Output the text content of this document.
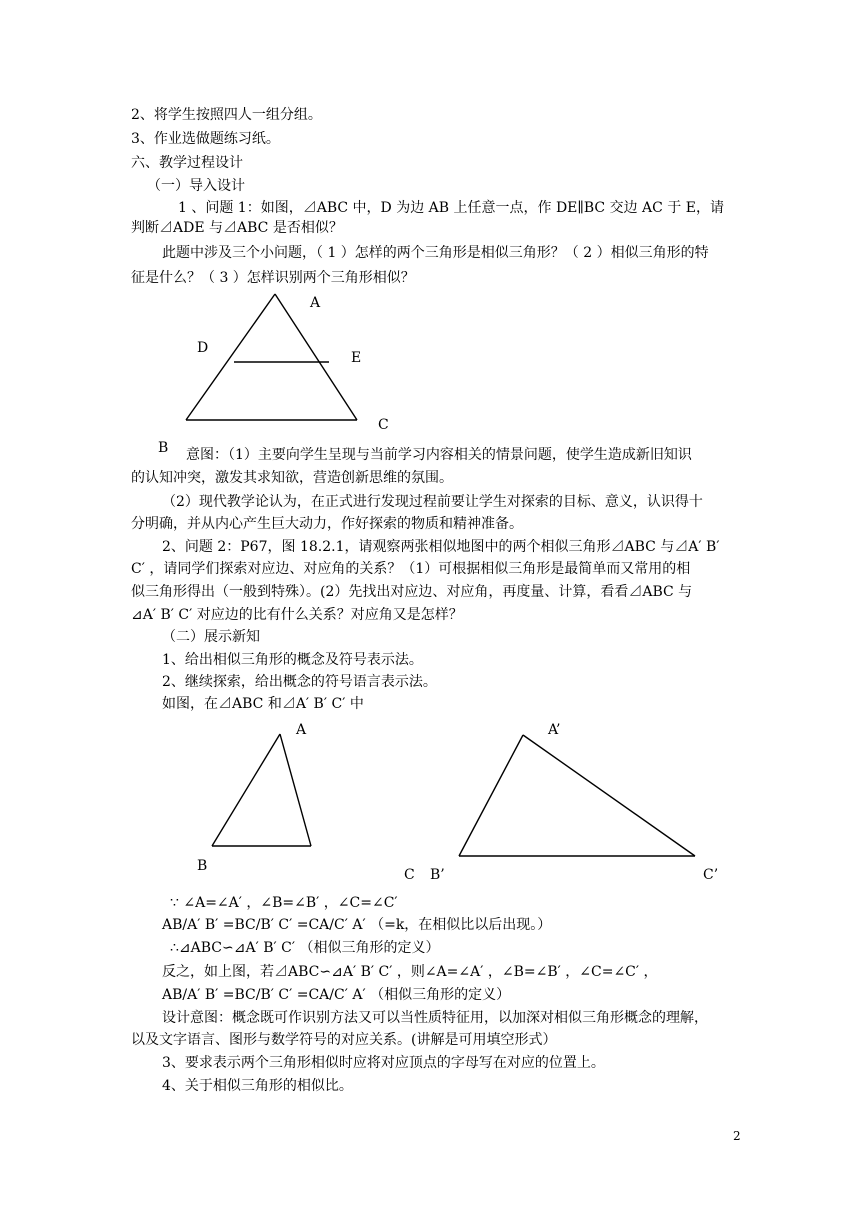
2、将学生按照四人一组分组。
3、作业选做题练习纸。
六、教学过程设计
（一）导入设计
1 、问题 1：如图，⊿ABC 中，D 为边 AB 上任意一点，作 DE∥BC 交边 AC 于 E，请
判断⊿ADE 与⊿ABC 是否相似？
此题中涉及三个小问题，（ 1 ）怎样的两个三角形是相似三角形？（ 2 ）相似三角形的特
征是什么？（ 3 ）怎样识别两个三角形相似？
A
D
E
C
B 意图：（1）主要向学生呈现与当前学习内容相关的情景问题，使学生造成新旧知识
的认知冲突，激发其求知欲，营造创新思维的氛围。
（2）现代教学论认为，在正式进行发现过程前要让学生对探索的目标、意义，认识得十
分明确，并从内心产生巨大动力，作好探索的物质和精神准备。
2、问题 2：P67，图 18.2.1，请观察两张相似地图中的两个相似三角形⊿ABC 与⊿A′ B′
C′ ，请同学们探索对应边、对应角的关系？（1）可根据相似三角形是最简单而又常用的相
似三角形得出（一般到特殊）。(2）先找出对应边、对应角，再度量、计算，看看⊿ABC 与
⊿A′ B′ C′ 对应边的比有什么关系？对应角又是怎样？
（二）展示新知
1、给出相似三角形的概念及符号表示法。
2、继续探索，给出概念的符号语言表示法。
如图，在⊿ABC 和⊿A′ B′ C′ 中
A
B
C
A’
B’	C’
∵ ∠A=∠A′ ，∠B=∠B′ ，∠C=∠C′
AB/A′ B′ =BC/B′ C′ =CA/C′ A′ （=k，在相似比以后出现。）
∴⊿ABC∽⊿A′ B′ C′ （相似三角形的定义）
反之，如上图，若⊿ABC∽⊿A′ B′ C′ ，则∠A=∠A′ ，∠B=∠B′ ，∠C=∠C′ ，
AB/A′ B′ =BC/B′ C′ =CA/C′ A′ （相似三角形的定义）
设计意图：概念既可作识别方法又可以当性质特征用，以加深对相似三角形概念的理解，
以及文字语言、图形与数学符号的对应关系。(讲解是可用填空形式）
3、要求表示两个三角形相似时应将对应顶点的字母写在对应的位置上。
4、关于相似三角形的相似比。
2
